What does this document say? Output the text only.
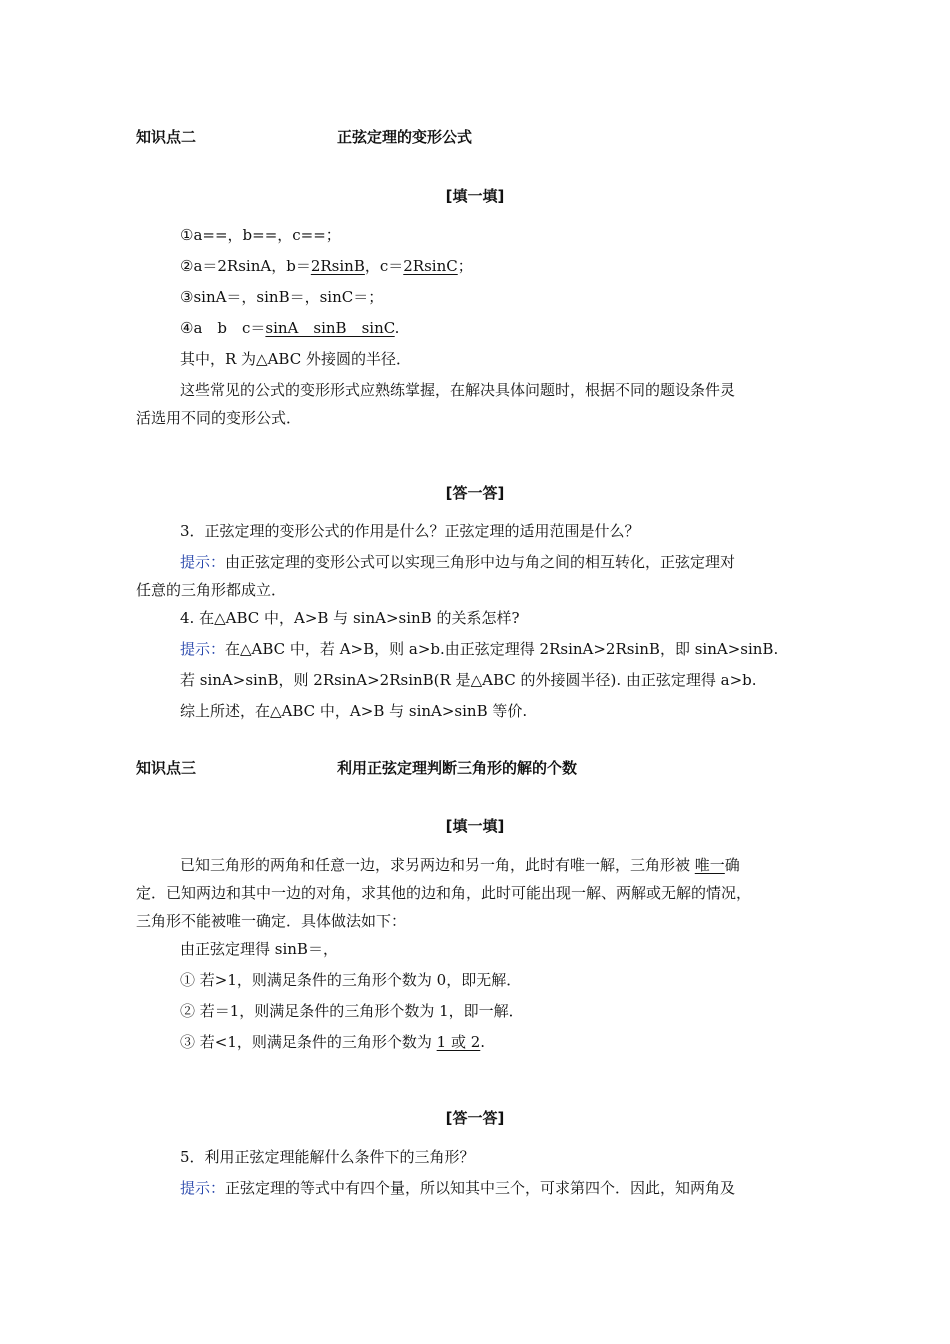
知识点二	正弦定理的变形公式
[填一填]
①a==，b==，c==；
②a＝2RsinA，b＝2RsinB，c＝2RsinC；
③sinA＝，sinB＝，sinC＝；
④a　b　c＝sinA　sinB　sinC.
其中，R 为△ABC 外接圆的半径．
这些常见的公式的变形形式应熟练掌握，在解决具体问题时，根据不同的题设条件灵
活选用不同的变形公式．
[答一答]
3．正弦定理的变形公式的作用是什么？正弦定理的适用范围是什么？
提示：由正弦定理的变形公式可以实现三角形中边与角之间的相互转化，正弦定理对
任意的三角形都成立．
4. 在△ABC 中，A>B 与 sinA>sinB 的关系怎样?
提示：在△ABC 中，若 A>B，则 a>b.由正弦定理得 2RsinA>2RsinB，即 sinA>sinB.
若 sinA>sinB，则 2RsinA>2RsinB(R 是△ABC 的外接圆半径). 由正弦定理得 a>b.
综上所述，在△ABC 中，A>B 与 sinA>sinB 等价.
知识点三	利用正弦定理判断三角形的解的个数
[填一填]
已知三角形的两角和任意一边，求另两边和另一角，此时有唯一解，三角形被 唯一确
定．已知两边和其中一边的对角，求其他的边和角，此时可能出现一解、两解或无解的情况，
三角形不能被唯一确定．具体做法如下：
由正弦定理得 sinB＝，
① 若>1，则满足条件的三角形个数为 0，即无解．
② 若＝1，则满足条件的三角形个数为 1，即一解．
③ 若<1，则满足条件的三角形个数为 1 或 2.
[答一答]
5．利用正弦定理能解什么条件下的三角形？
提示：正弦定理的等式中有四个量，所以知其中三个，可求第四个．因此，知两角及
